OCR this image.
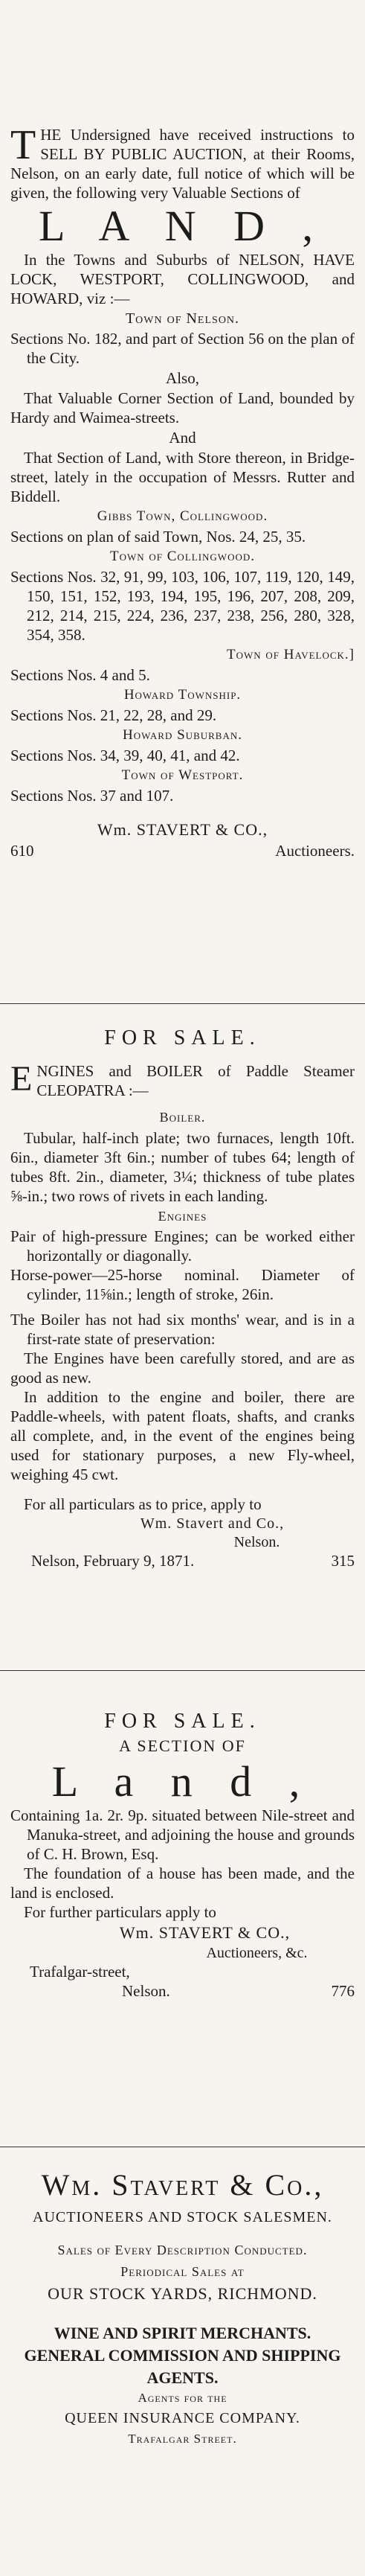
THE Undersigned have received instructions to SELL BY PUBLIC AUCTION, at their Rooms, Nelson, on an early date, full notice of which will be given, the following very Valuable Sections of

L A N D ,

In the Towns and Suburbs of NELSON, HAVE LOCK, WESTPORT, COLLINGWOOD, and HOWARD, viz :—

Town of Nelson.

Sections No. 182, and part of Section 56 on the plan of the City.

Also,

That Valuable Corner Section of Land, bounded by Hardy and Waimea-streets.

And

That Section of Land, with Store thereon, in Bridge-street, lately in the occupation of Messrs. Rutter and Biddell.

Gibbs Town, Collingwood.

Sections on plan of said Town, Nos. 24, 25, 35.

Town of Collingwood.

Sections Nos. 32, 91, 99, 103, 106, 107, 119, 120, 149, 150, 151, 152, 193, 194, 195, 196, 207, 208, 209, 212, 214, 215, 224, 236, 237, 238, 256, 280, 328, 354, 358.

Town of Havelock.]

Sections Nos. 4 and 5.

Howard Township.

Sections Nos. 21, 22, 28, and 29.

Howard Suburban.

Sections Nos. 34, 39, 40, 41, and 42.

Town of Westport.

Sections Nos. 37 and 107.

Wm. STAVERT & CO.,

610	Auctioneers.

FOR SALE.

ENGINES and BOILER of Paddle Steamer CLEOPATRA :—

Boiler.

Tubular, half-inch plate; two furnaces, length 10ft. 6in., diameter 3ft 6in.; number of tubes 64; length of tubes 8ft. 2in., diameter, 3¼; thickness of tube plates ⅝-in.; two rows of rivets in each landing.

Engines

Pair of high-pressure Engines; can be worked either horizontally or diagonally.

Horse-power—25-horse nominal. Diameter of cylinder, 11⅝in.; length of stroke, 26in.

The Boiler has not had six months' wear, and is in a first-rate state of preservation:

The Engines have been carefully stored, and are as good as new.

In addition to the engine and boiler, there are Paddle-wheels, with patent floats, shafts, and cranks all complete, and, in the event of the engines being used for stationary purposes, a new Fly-wheel, weighing 45 cwt.

For all particulars as to price, apply to

Wm. Stavert and Co.,

Nelson.

Nelson, February 9, 1871.	315

FOR SALE.

A SECTION OF

L a n d ,

Containing 1a. 2r. 9p. situated between Nile-street and Manuka-street, and adjoining the house and grounds of C. H. Brown, Esq.

The foundation of a house has been made, and the land is enclosed.

For further particulars apply to

Wm. STAVERT & CO.,

Auctioneers, &c.

Trafalgar-street,

Nelson.	776

Wm. Stavert & Co.,

AUCTIONEERS AND STOCK SALESMEN.

Sales of Every Description Conducted.

Periodical Sales at

OUR STOCK YARDS, RICHMOND.

WINE AND SPIRIT MERCHANTS.

GENERAL COMMISSION AND SHIPPING

AGENTS.

Agents for the

QUEEN INSURANCE COMPANY.

Trafalgar Street.
